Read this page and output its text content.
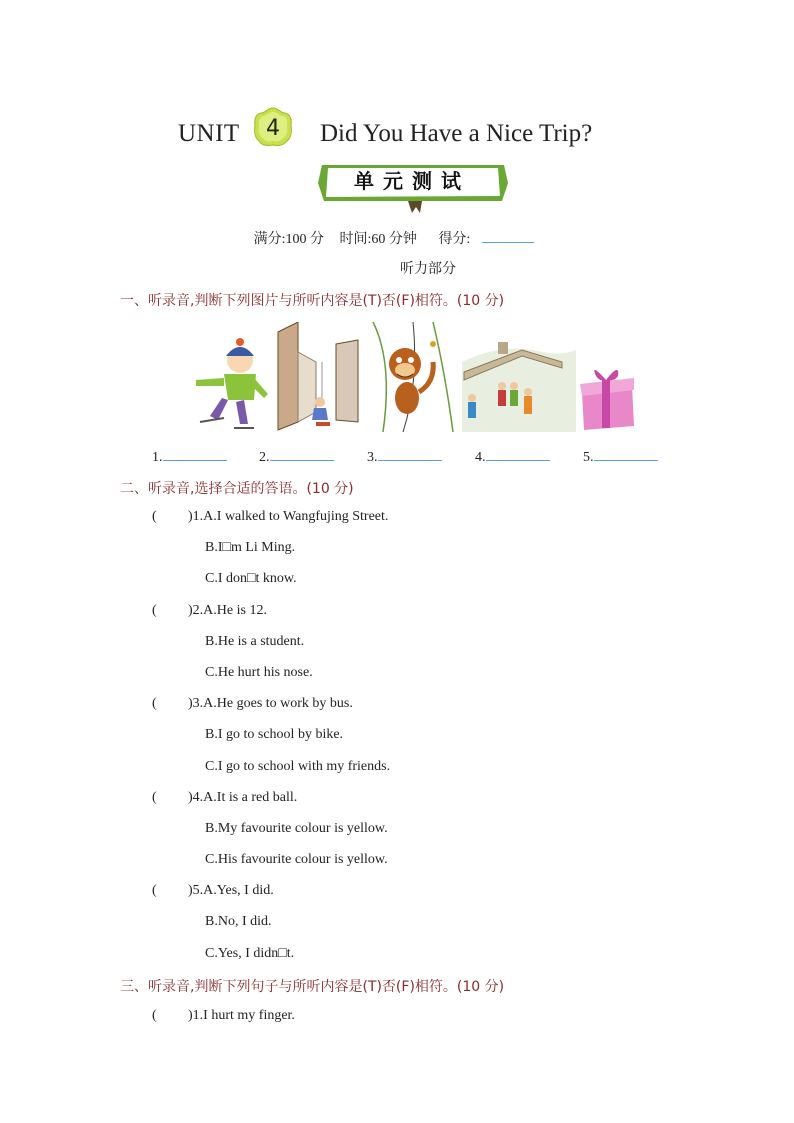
UNIT 4 Did You Have a Nice Trip?
单元测试
满分:100 分 时间:60 分钟 得分:
听力部分
一、听录音,判断下列图片与所听内容是(T)否(F)相符。(10 分)
1.	2.	3.	4.	5.
二、听录音,选择合适的答语。(10 分)
( )1.A.I walked to Wangfujing Street.
B.I□m Li Ming.
C.I don□t know.
( )2.A.He is 12.
B.He is a student.
C.He hurt his nose.
( )3.A.He goes to work by bus.
B.I go to school by bike.
C.I go to school with my friends.
( )4.A.It is a red ball.
B.My favourite colour is yellow.
C.His favourite colour is yellow.
( )5.A.Yes, I did.
B.No, I did.
C.Yes, I didn□t.
三、听录音,判断下列句子与所听内容是(T)否(F)相符。(10 分)
( )1.I hurt my finger.
